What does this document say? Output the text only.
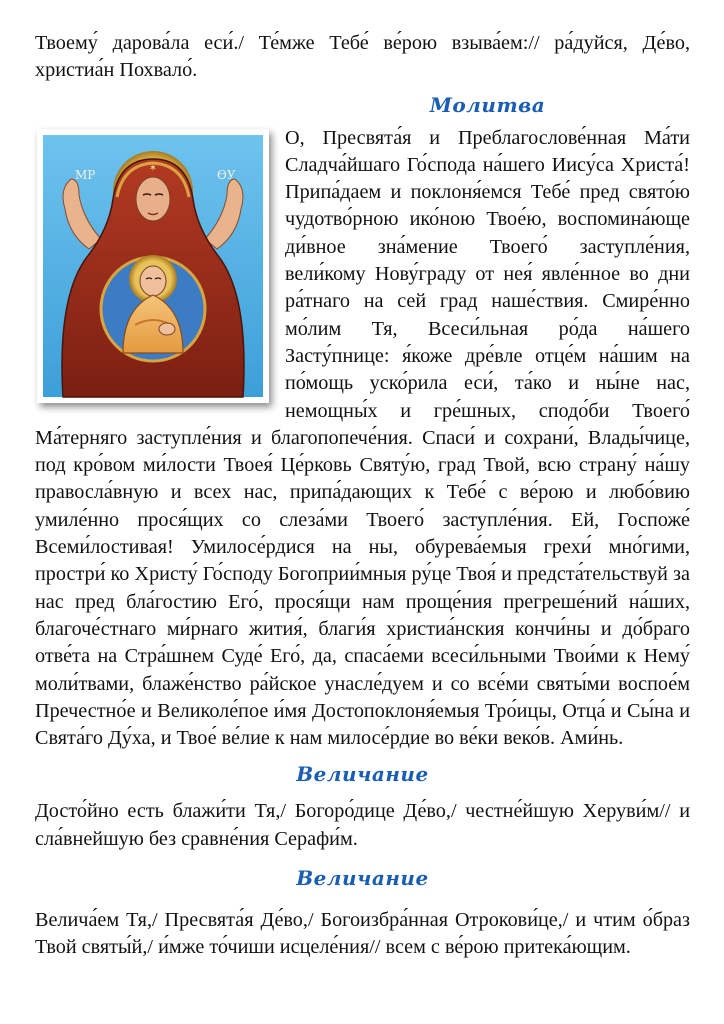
Твоему́ дарова́ла еси́./ Те́мже Тебе́ ве́рою взыва́ем:// ра́дуйся, Де́во, христиа́н Похвало́.

Молитва
✶
МР	ѲУ

О, Пресвята́я и Преблагослове́нная Ма́ти Сладча́йшаго Го́спода на́шего Иису́са Христа́! Припа́даем и поклоня́емся Тебе́ пред свято́ю чудотво́рною ико́ною Твое́ю, воспомина́юще ди́вное зна́мение Твоего́ заступле́ния, вели́кому Нову́граду от нея́ явле́нное во дни ра́тнаго на сей град наше́ствия. Смире́нно мо́лим Тя, Всеси́льная ро́да на́шего Засту́пнице: я́коже дре́вле отце́м на́шим на по́мощь уско́рила еси́, та́ко и ны́не нас, немощны́х и гре́шных, сподо́би Твоего́ Ма́терняго заступле́ния и благопопече́ния. Спаси́ и сохрани́, Влады́чице, под кро́вом ми́лости Твоея́ Це́рковь Святу́ю, град Твой, всю страну́ на́шу правосла́вную и всех нас, припа́дающих к Тебе́ с ве́рою и любо́вию умиле́нно прося́щих со слеза́ми Твоего́ заступле́ния. Ей, Госпоже́ Всеми́лостивая! Умилосе́рдися на ны, обурева́емыя грехи́ мно́гими, простри́ ко Христу́ Го́споду Богоприи́мныя ру́це Твоя́ и предста́тельствуй за нас пред бла́гостию Его́, прося́щи нам проще́ния прегреше́ний на́ших, благоче́стнаго ми́рнаго жития́, благи́я христиа́нския кончи́ны и до́браго отве́та на Стра́шнем Суде́ Его́, да, спаса́еми всеси́льными Твои́ми к Нему́ моли́твами, блаже́нство ра́йское унасле́дуем и со все́ми святы́ми воспое́м Пречестно́е и Великоле́пое и́мя Достопоклоня́емыя Тро́ицы, Отца́ и Сы́на и Свята́го Ду́ха, и Твое́ ве́лие к нам милосе́рдие во ве́ки веко́в. Ами́нь.

Величание

Досто́йно есть блажи́ти Тя,/ Богоро́дице Де́во,/ честне́йшую Херуви́м// и сла́внейшую без сравне́ния Серафи́м.

Величание

Велича́ем Тя,/ Пресвята́я Де́во,/ Богоизбра́нная Отрокови́це,/ и чтим о́браз Твой святы́й,/ и́мже то́чиши исцеле́ния// всем с ве́рою притека́ющим.
